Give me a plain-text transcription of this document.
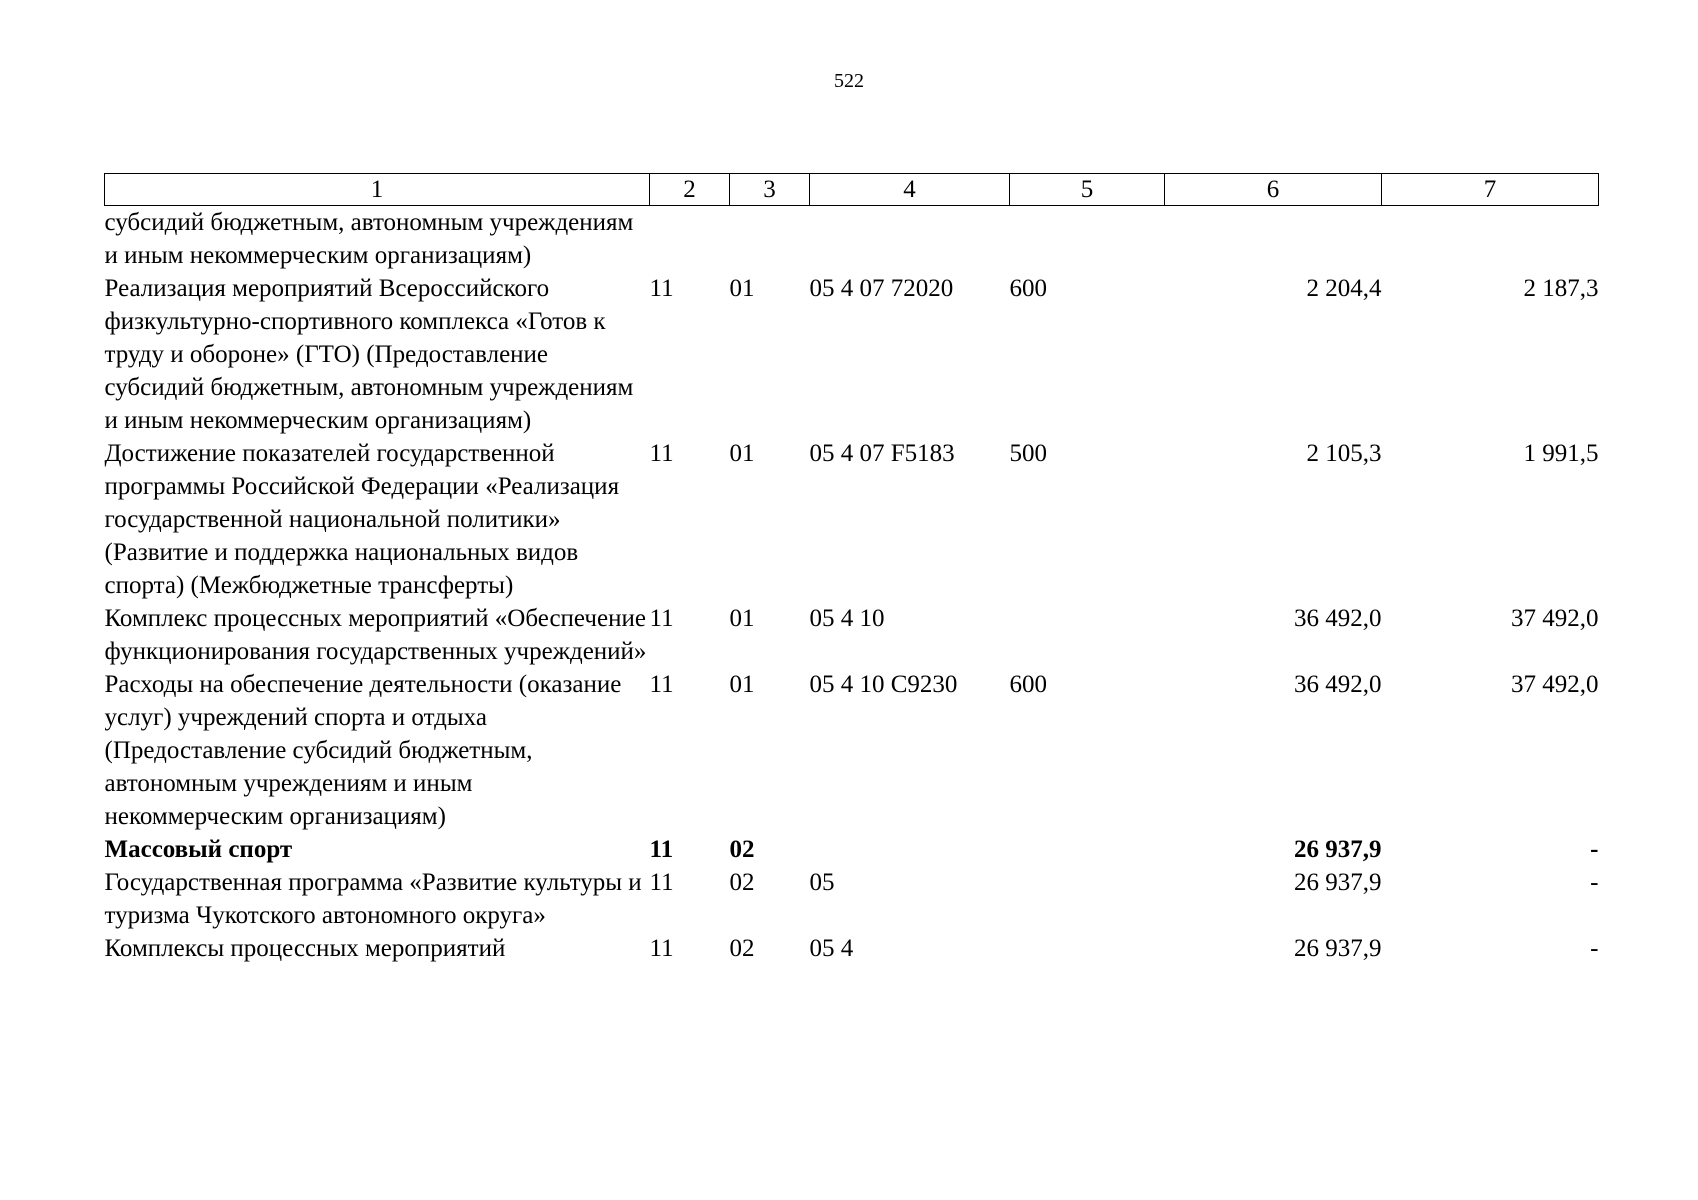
522
1	2	3	4	5	6	7
субсидий бюджетным, автономным учреждениям и иным некоммерческим организациям)						
Реализация мероприятий Всероссийского физкультурно-спортивного комплекса «Готов к труду и обороне» (ГТО) (Предоставление субсидий бюджетным, автономным учреждениям и иным некоммерческим организациям)	11	01	05 4 07 72020	600	2 204,4	2 187,3
Достижение показателей государственной программы Российской Федерации «Реализация государственной национальной политики» (Развитие и поддержка национальных видов спорта) (Межбюджетные трансферты)	11	01	05 4 07 F5183	500	2 105,3	1 991,5
Комплекс процессных мероприятий «Обеспечение функционирования государственных учреждений»	11	01	05 4 10		36 492,0	37 492,0
Расходы на обеспечение деятельности (оказание услуг) учреждений спорта и отдыха (Предоставление субсидий бюджетным, автономным учреждениям и иным некоммерческим организациям)	11	01	05 4 10 С9230	600	36 492,0	37 492,0
Массовый спорт	11	02			26 937,9	-
Государственная программа «Развитие культуры и туризма Чукотского автономного округа»	11	02	05		26 937,9	-
Комплексы процессных мероприятий	11	02	05 4		26 937,9	-
